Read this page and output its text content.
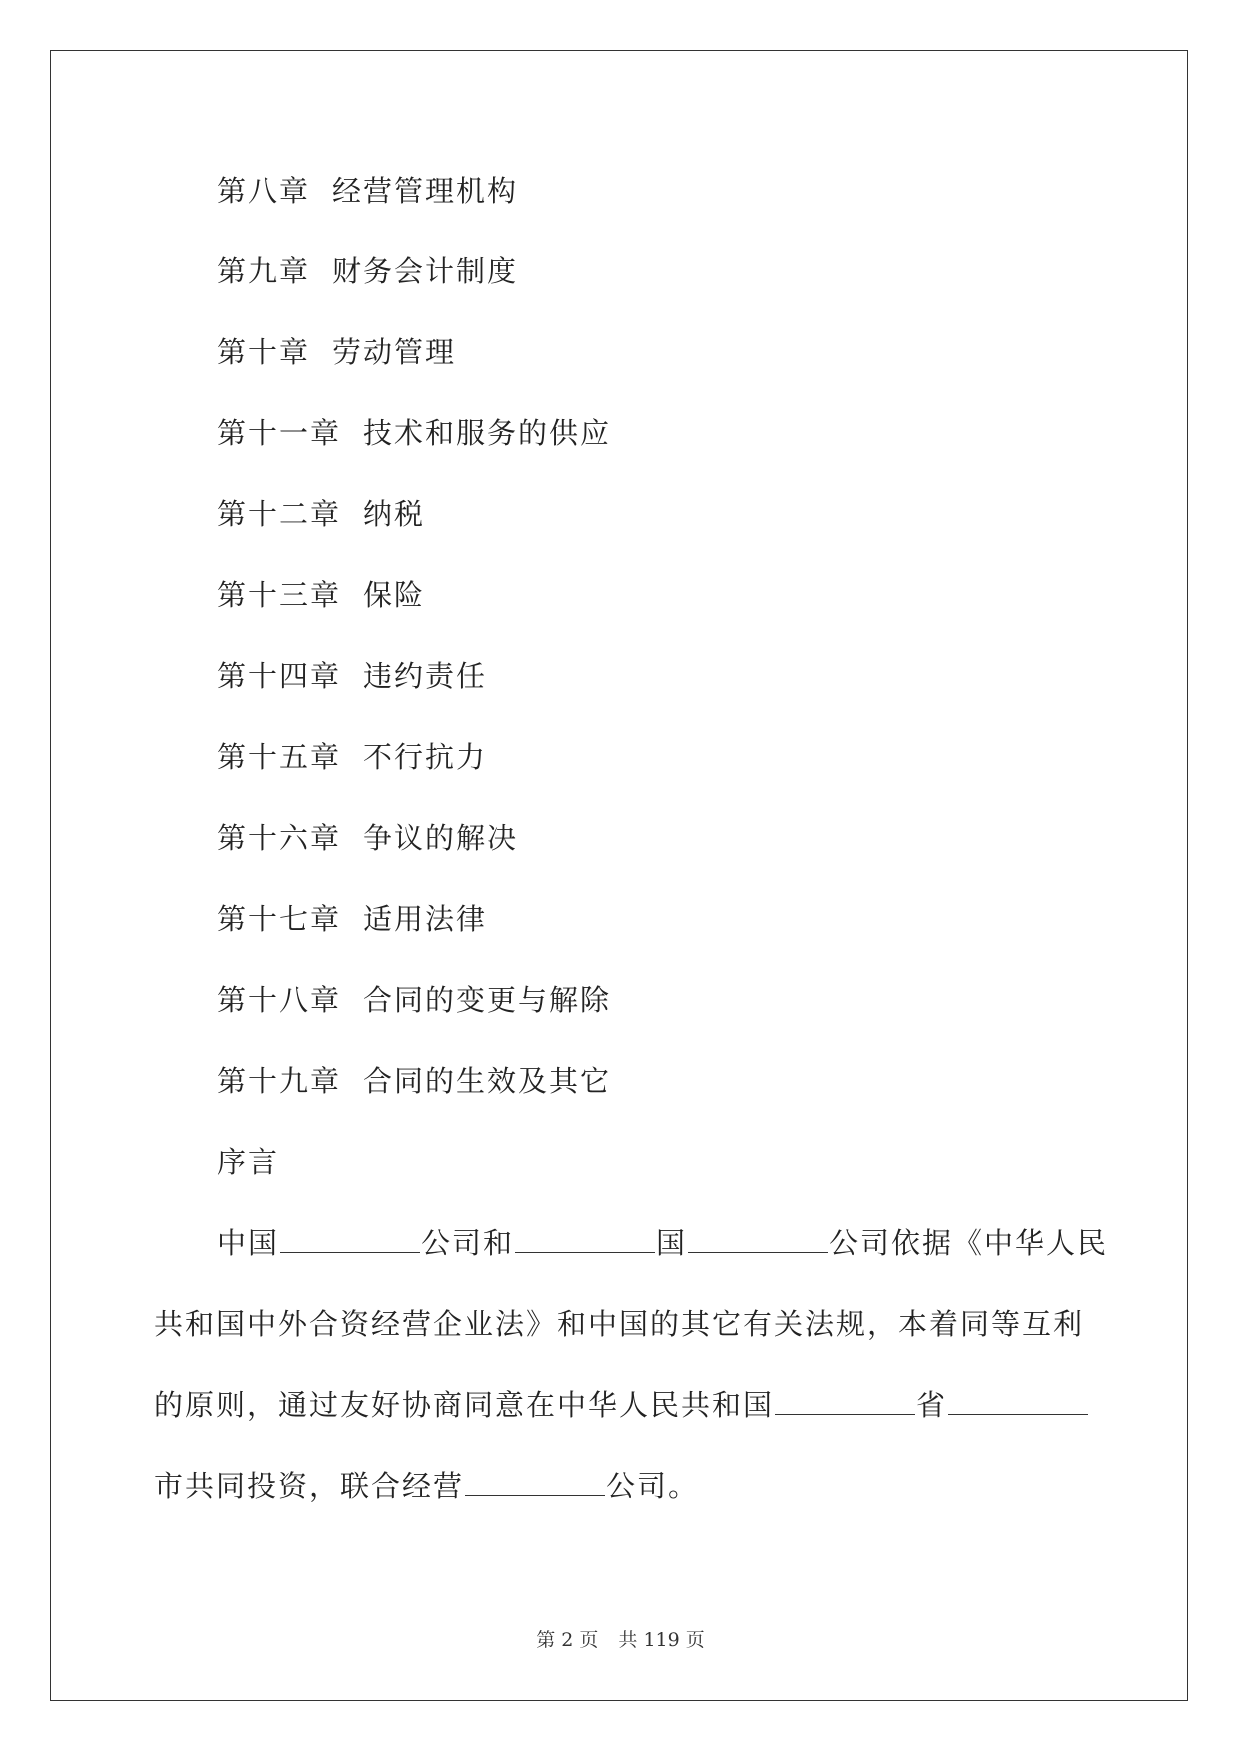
第八章 经营管理机构
第九章 财务会计制度
第十章 劳动管理
第十一章 技术和服务的供应
第十二章 纳税
第十三章 保险
第十四章 违约责任
第十五章 不行抗力
第十六章 争议的解决
第十七章 适用法律
第十八章 合同的变更与解除
第十九章 合同的生效及其它
序言
中国	公司和	国	公司依据《中华人民
共和国中外合资经营企业法》和中国的其它有关法规，本着同等互利
的原则，通过友好协商同意在中华人民共和国	省
市共同投资，联合经营	公司。
第 2 页 共 119 页
